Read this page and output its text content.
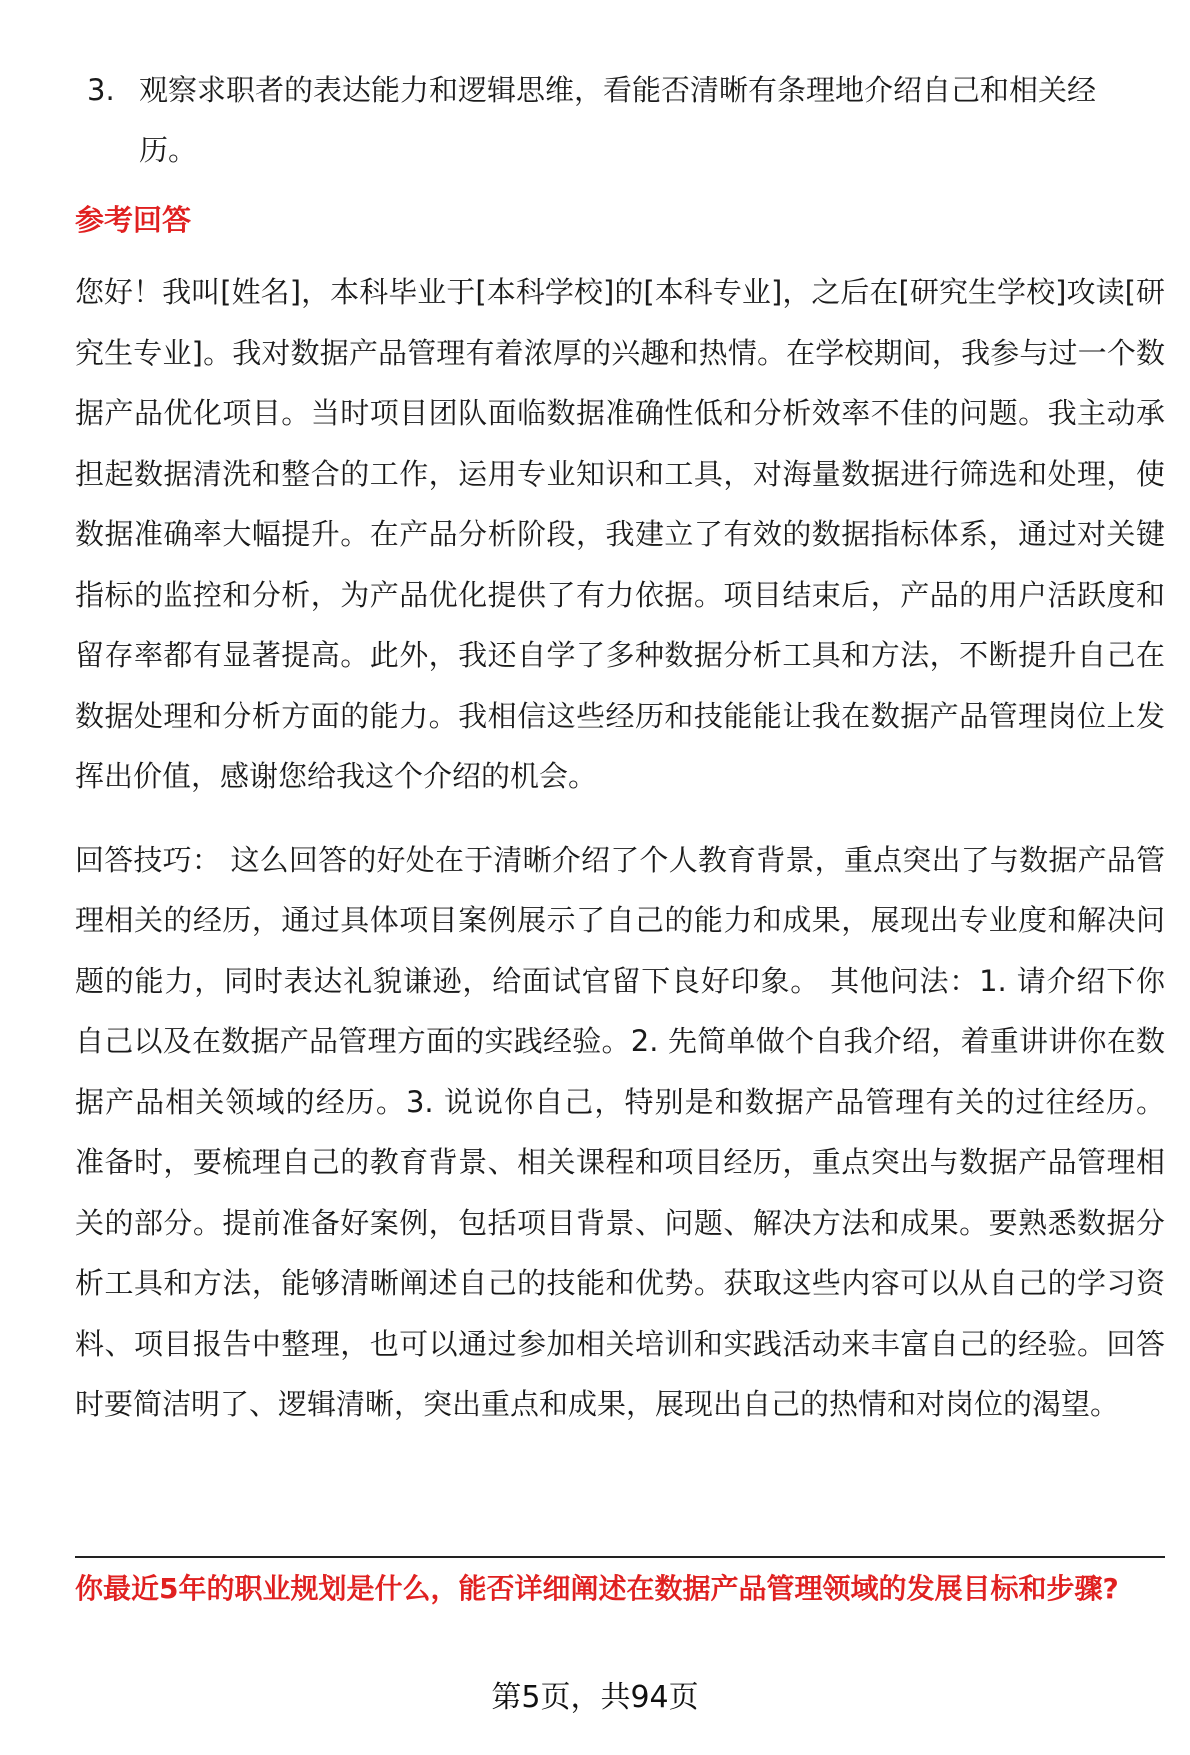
3. 观察求职者的表达能力和逻辑思维，看能否清晰有条理地介绍自己和相关经历。
参考回答
您好！我叫[姓名]，本科毕业于[本科学校]的[本科专业]，之后在[研究生学校]攻读[研究生专业]。我对数据产品管理有着浓厚的兴趣和热情。在学校期间，我参与过一个数据产品优化项目。当时项目团队面临数据准确性低和分析效率不佳的问题。我主动承担起数据清洗和整合的工作，运用专业知识和工具，对海量数据进行筛选和处理，使数据准确率大幅提升。在产品分析阶段，我建立了有效的数据指标体系，通过对关键指标的监控和分析，为产品优化提供了有力依据。项目结束后，产品的用户活跃度和留存率都有显著提高。此外，我还自学了多种数据分析工具和方法，不断提升自己在数据处理和分析方面的能力。我相信这些经历和技能能让我在数据产品管理岗位上发挥出价值，感谢您给我这个介绍的机会。
回答技巧： 这么回答的好处在于清晰介绍了个人教育背景，重点突出了与数据产品管理相关的经历，通过具体项目案例展示了自己的能力和成果，展现出专业度和解决问题的能力，同时表达礼貌谦逊，给面试官留下良好印象。 其他问法：1. 请介绍下你自己以及在数据产品管理方面的实践经验。2. 先简单做个自我介绍，着重讲讲你在数据产品相关领域的经历。3. 说说你自己，特别是和数据产品管理有关的过往经历。 准备时，要梳理自己的教育背景、相关课程和项目经历，重点突出与数据产品管理相关的部分。提前准备好案例，包括项目背景、问题、解决方法和成果。要熟悉数据分析工具和方法，能够清晰阐述自己的技能和优势。获取这些内容可以从自己的学习资料、项目报告中整理，也可以通过参加相关培训和实践活动来丰富自己的经验。回答时要简洁明了、逻辑清晰，突出重点和成果，展现出自己的热情和对岗位的渴望。
你最近5年的职业规划是什么，能否详细阐述在数据产品管理领域的发展目标和步骤?
第5页，共94页
